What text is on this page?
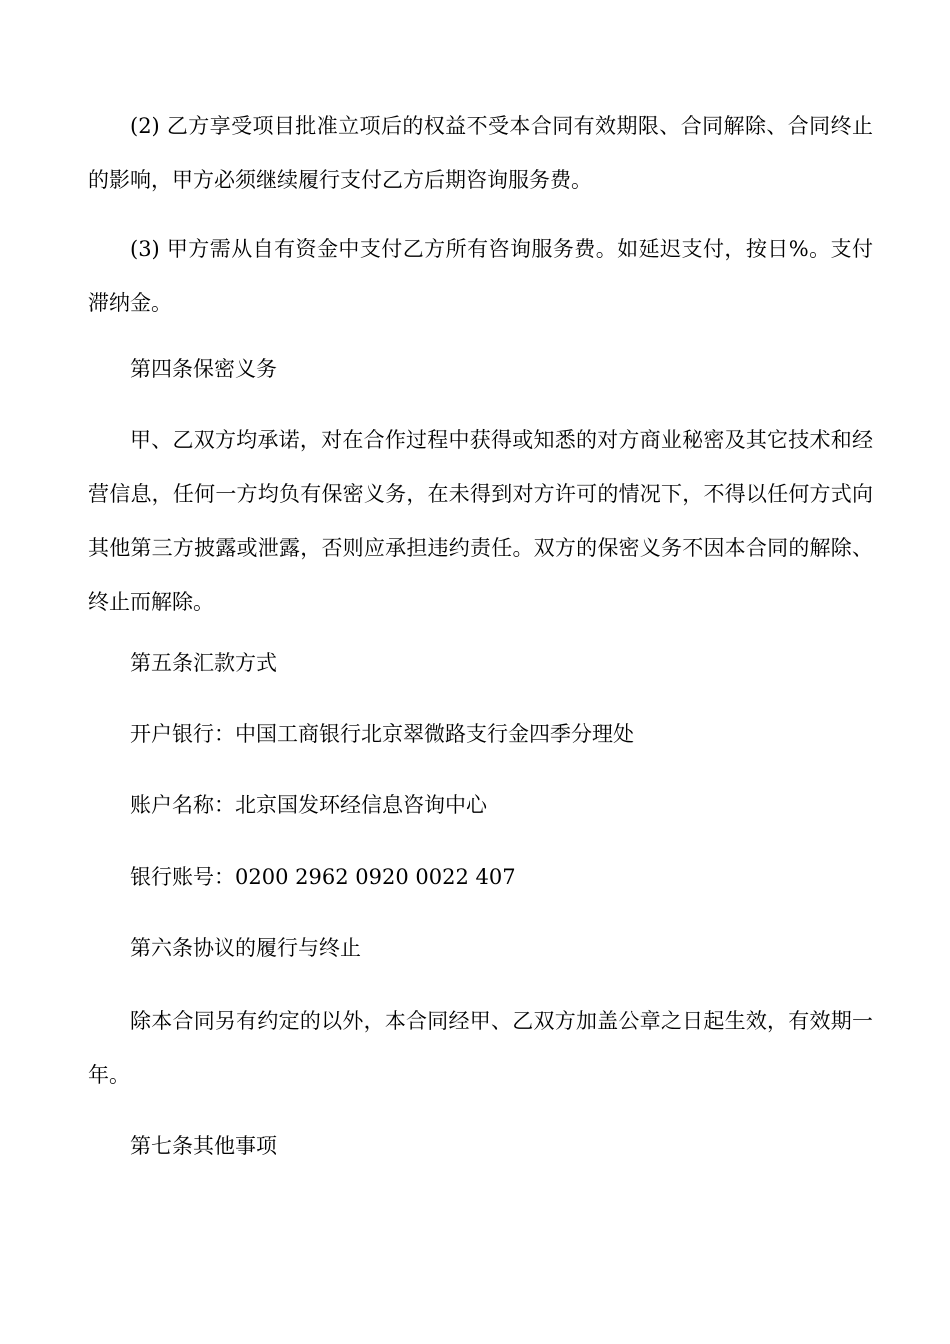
(2) 乙方享受项目批准立项后的权益不受本合同有效期限、合同解除、合同终止的影响，甲方必须继续履行支付乙方后期咨询服务费。

(3) 甲方需从自有资金中支付乙方所有咨询服务费。如延迟支付，按日%。支付滞纳金。

第四条保密义务

甲、乙双方均承诺，对在合作过程中获得或知悉的对方商业秘密及其它技术和经营信息，任何一方均负有保密义务，在未得到对方许可的情况下，不得以任何方式向其他第三方披露或泄露，否则应承担违约责任。双方的保密义务不因本合同的解除、终止而解除。

第五条汇款方式

开户银行：中国工商银行北京翠微路支行金四季分理处

账户名称：北京国发环经信息咨询中心

银行账号：0200 2962 0920 0022 407

第六条协议的履行与终止

除本合同另有约定的以外，本合同经甲、乙双方加盖公章之日起生效，有效期一年。

第七条其他事项
